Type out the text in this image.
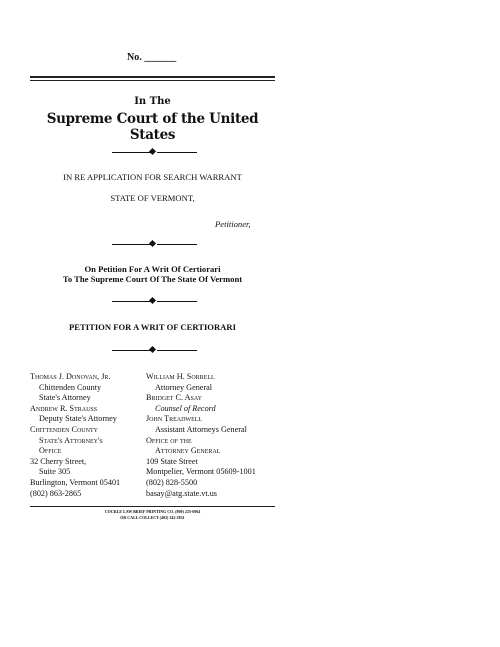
No. _______
In The
Supreme Court of the United States
IN RE APPLICATION FOR SEARCH WARRANT
STATE OF VERMONT,
Petitioner,
On Petition For A Writ Of Certiorari
To The Supreme Court Of The State Of Vermont
PETITION FOR A WRIT OF CERTIORARI
Thomas J. Donovan, Jr.
Chittenden County
State's Attorney
Andrew R. Strauss
Deputy State's Attorney
Chittenden County
State's Attorney's
Office
32 Cherry Street,
Suite 305
Burlington, Vermont 05401
(802) 863-2865
William H. Sorrell
Attorney General
Bridget C. Asay
Counsel of Record
John Treadwell
Assistant Attorneys General
Office of the
Attorney General
109 State Street
Montpelier, Vermont 05609-1001
(802) 828-5500
basay@atg.state.vt.us
COCKLE LAW BRIEF PRINTING CO. (800) 225-6964
OR CALL COLLECT (402) 342-2831
